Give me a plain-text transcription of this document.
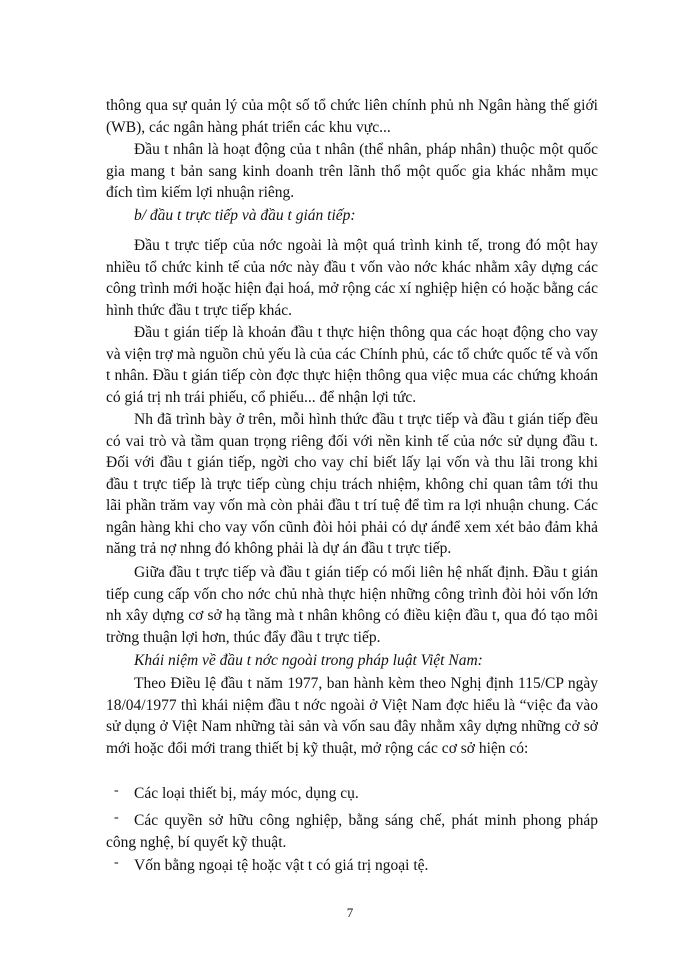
thông qua sự quản lý của một số tổ chức liên chính phủ nh Ngân hàng thế giới (WB), các ngân hàng phát triển các khu vực...

Đầu t nhân là hoạt động của t nhân (thể nhân, pháp nhân) thuộc một quốc gia mang t bản sang kinh doanh trên lãnh thổ một quốc gia khác nhằm mục đích tìm kiếm lợi nhuận riêng.

b/ đầu t trực tiếp và đầu t gián tiếp:

Đầu t trực tiếp của nớc ngoài là một quá trình kinh tế, trong đó một hay nhiều tổ chức kinh tế của nớc này đầu t vốn vào nớc khác nhằm xây dựng các công trình mới hoặc hiện đại hoá, mở rộng các xí nghiệp hiện có hoặc bằng các hình thức đầu t trực tiếp khác.

Đầu t gián tiếp là khoản đầu t thực hiện thông qua các hoạt động cho vay và viện trợ mà nguồn chủ yếu là của các Chính phủ, các tổ chức quốc tế và vốn t nhân. Đầu t gián tiếp còn đợc thực hiện thông qua việc mua các chứng khoán có giá trị nh trái phiếu, cổ phiếu... để nhận lợi tức.

Nh đã trình bày ở trên, mỗi hình thức đầu t trực tiếp và đầu t gián tiếp đều có vai trò và tầm quan trọng riêng đối với nền kinh tế của nớc sử dụng đầu t. Đối với đầu t gián tiếp, ngời cho vay chỉ biết lấy lại vốn và thu lãi trong khi đầu t trực tiếp là trực tiếp cùng chịu trách nhiệm, không chỉ quan tâm tới thu lãi phần trăm vay vốn mà còn phải đầu t trí tuệ để tìm ra lợi nhuận chung. Các ngân hàng khi cho vay vốn cũnh đòi hỏi phải có dự ánđể xem xét bảo đảm khả năng trả nợ nhng đó không phải là dự án đầu t trực tiếp.

Giữa đầu t trực tiếp và đầu t gián tiếp có mối liên hệ nhất định. Đầu t gián tiếp cung cấp vốn cho nớc chủ nhà thực hiện những công trình đòi hỏi vốn lớn nh xây dựng cơ sở hạ tầng mà t nhân không có điều kiện đầu t, qua đó tạo môi trờng thuận lợi hơn, thúc đẩy đầu t trực tiếp.

Khái niệm về đầu t nớc ngoài trong pháp luật Việt Nam:

Theo Điều lệ đầu t năm 1977, ban hành kèm theo Nghị định 115/CP ngày 18/04/1977 thì khái niệm đầu t nớc ngoài ở Việt Nam đợc hiểu là “việc đa vào sử dụng ở Việt Nam những tài sản và vốn sau đây nhằm xây dựng những cở sở mới hoặc đổi mới trang thiết bị kỹ thuật, mở rộng các cơ sở hiện có:

- Các loại thiết bị, máy móc, dụng cụ.
- Các quyền sở hữu công nghiệp, bằng sáng chế, phát minh phong pháp công nghệ, bí quyết kỹ thuật.
- Vốn bằng ngoại tệ hoặc vật t có giá trị ngoại tệ.
7
